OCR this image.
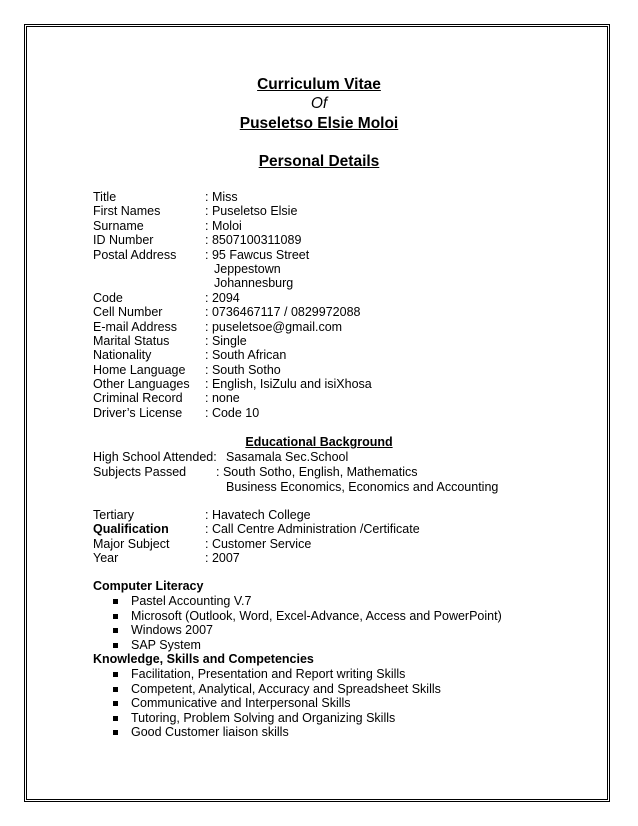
Curriculum Vitae
Of
Puseletso Elsie Moloi
Personal Details
Title	: Miss
First Names	: Puseletso Elsie
Surname	: Moloi
ID Number	: 8507100311089
Postal Address : 95 Fawcus Street
Jeppestown
Johannesburg
Code	: 2094
Cell Number	: 0736467117 / 0829972088
E-mail Address : puseletsoe@gmail.com
Marital Status	: Single
Nationality	: South African
Home Language : South Sotho
Other Languages : English, IsiZulu and isiXhosa
Criminal Record : none
Driver’s License : Code 10
Educational Background
High School Attended: Sasamala Sec.School
Subjects Passed : South Sotho, English, Mathematics
Business Economics, Economics and Accounting
Tertiary	: Havatech College
Qualification	: Call Centre Administration /Certificate
Major Subject	: Customer Service
Year	: 2007
Computer Literacy
Pastel Accounting V.7
Microsoft (Outlook, Word, Excel-Advance, Access and PowerPoint)
Windows 2007
SAP System
Knowledge, Skills and Competencies
Facilitation, Presentation and Report writing Skills
Competent, Analytical, Accuracy and Spreadsheet Skills
Communicative and Interpersonal Skills
Tutoring, Problem Solving and Organizing Skills
Good Customer liaison skills
